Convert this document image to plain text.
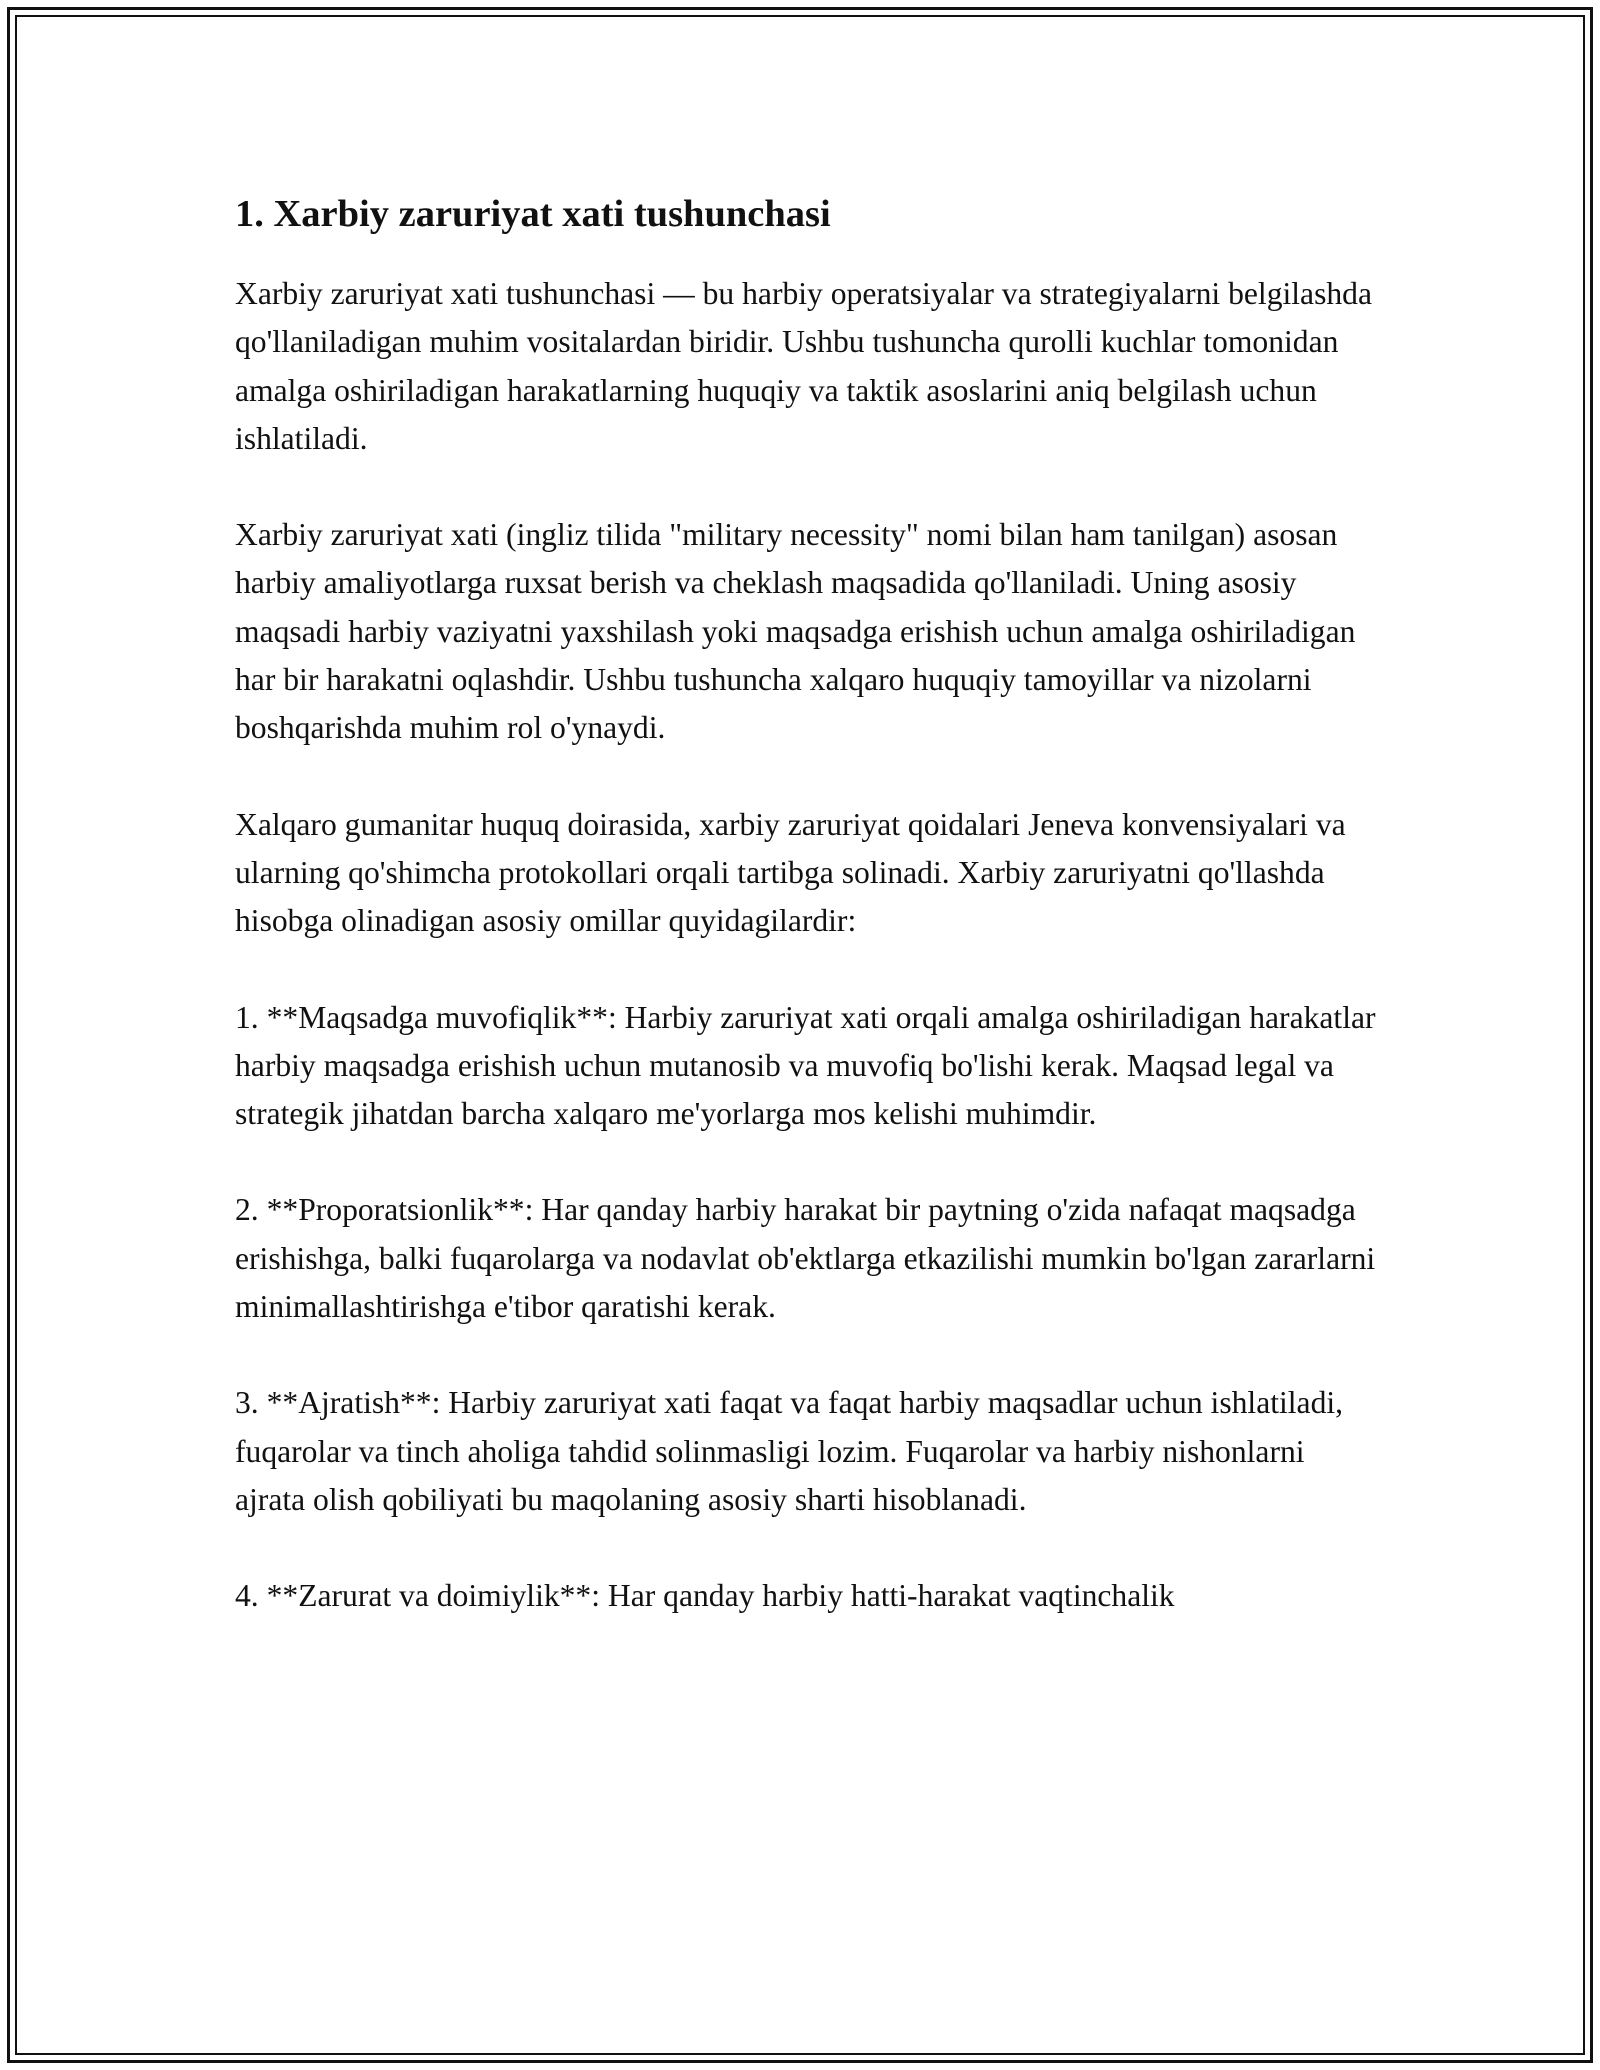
1. Xarbiy zaruriyat xati tushunchasi

Xarbiy zaruriyat xati tushunchasi — bu harbiy operatsiyalar va strategiyalarni belgilashda qo'llaniladigan muhim vositalardan biridir. Ushbu tushuncha qurolli kuchlar tomonidan amalga oshiriladigan harakatlarning huquqiy va taktik asoslarini aniq belgilash uchun ishlatiladi.

Xarbiy zaruriyat xati (ingliz tilida "military necessity" nomi bilan ham tanilgan) asosan harbiy amaliyotlarga ruxsat berish va cheklash maqsadida qo'llaniladi. Uning asosiy maqsadi harbiy vaziyatni yaxshilash yoki maqsadga erishish uchun amalga oshiriladigan har bir harakatni oqlashdir. Ushbu tushuncha xalqaro huquqiy tamoyillar va nizolarni boshqarishda muhim rol o'ynaydi.

Xalqaro gumanitar huquq doirasida, xarbiy zaruriyat qoidalari Jeneva konvensiyalari va ularning qo'shimcha protokollari orqali tartibga solinadi. Xarbiy zaruriyatni qo'llashda hisobga olinadigan asosiy omillar quyidagilardir:

1. **Maqsadga muvofiqlik**: Harbiy zaruriyat xati orqali amalga oshiriladigan harakatlar harbiy maqsadga erishish uchun mutanosib va muvofiq bo'lishi kerak. Maqsad legal va strategik jihatdan barcha xalqaro me'yorlarga mos kelishi muhimdir.

2. **Proporatsionlik**: Har qanday harbiy harakat bir paytning o'zida nafaqat maqsadga erishishga, balki fuqarolarga va nodavlat ob'ektlarga etkazilishi mumkin bo'lgan zararlarni minimallashtirishga e'tibor qaratishi kerak.

3. **Ajratish**: Harbiy zaruriyat xati faqat va faqat harbiy maqsadlar uchun ishlatiladi, fuqarolar va tinch aholiga tahdid solinmasligi lozim. Fuqarolar va harbiy nishonlarni ajrata olish qobiliyati bu maqolaning asosiy sharti hisoblanadi.

4. **Zarurat va doimiylik**: Har qanday harbiy hatti-harakat vaqtinchalik
